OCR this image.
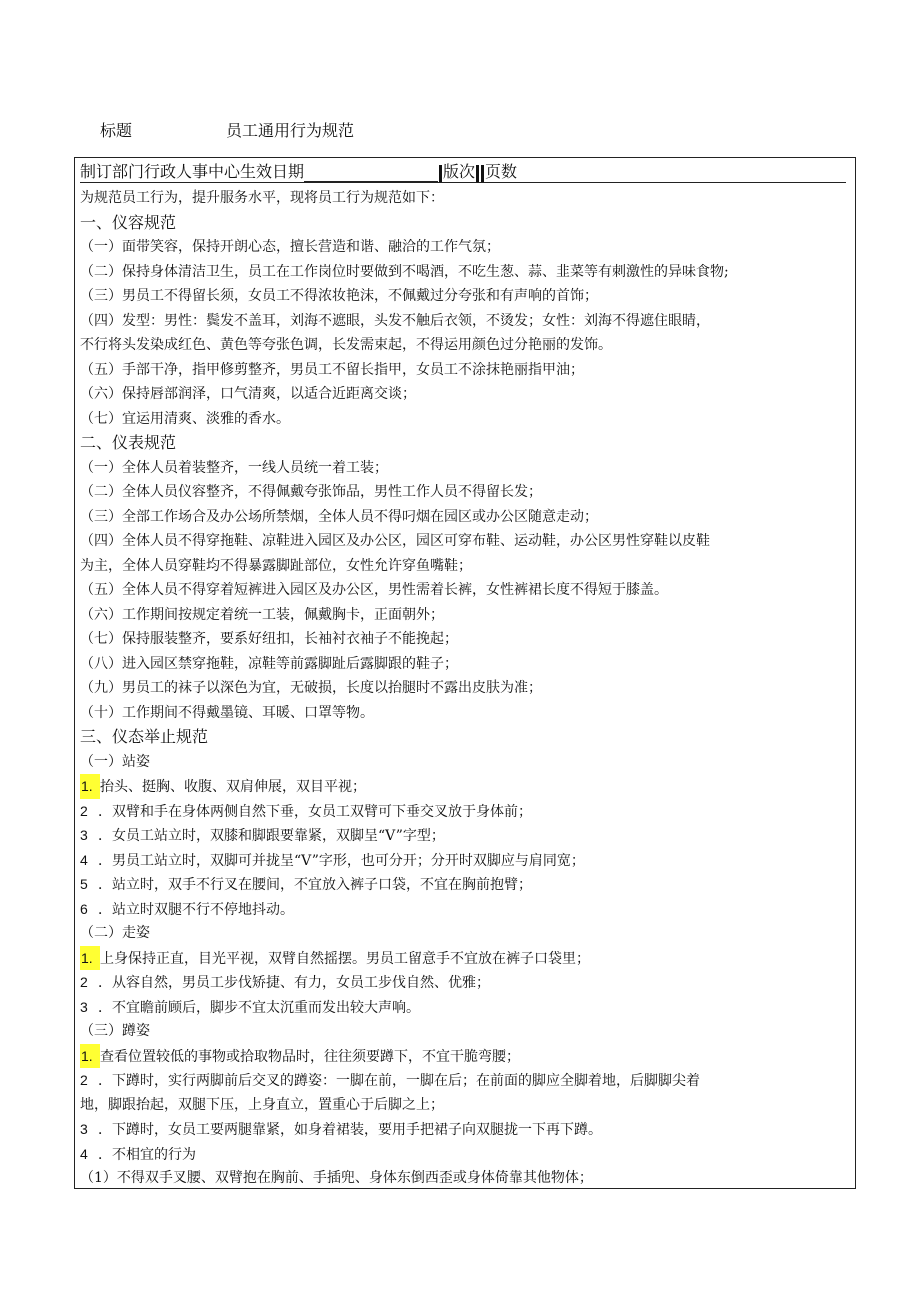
标题	员工通用行为规范
制订部门行政人事中心生效日期	版次 页数
为规范员工行为，提升服务水平，现将员工行为规范如下：
一、仪容规范
（一）面带笑容，保持开朗心态，擅长营造和谐、融洽的工作气氛；
（二）保持身体清洁卫生，员工在工作岗位时要做到不喝酒，不吃生葱、蒜、韭菜等有刺激性的异味食物;
（三）男员工不得留长须，女员工不得浓妆艳沫，不佩戴过分夸张和有声响的首饰；
（四）发型：男性：鬓发不盖耳，刘海不遮眼，头发不触后衣领，不烫发；女性：刘海不得遮住眼睛，
不行将头发染成红色、黄色等夸张色调，长发需束起，不得运用颜色过分艳丽的发饰。
（五）手部干净，指甲修剪整齐，男员工不留长指甲，女员工不涂抹艳丽指甲油；
（六）保持唇部润泽，口气清爽，以适合近距离交谈；
（七）宜运用清爽、淡雅的香水。
二、仪表规范
（一）全体人员着装整齐，一线人员统一着工装；
（二）全体人员仪容整齐，不得佩戴夸张饰品，男性工作人员不得留长发；
（三）全部工作场合及办公场所禁烟，全体人员不得叼烟在园区或办公区随意走动；
（四）全体人员不得穿拖鞋、凉鞋进入园区及办公区，园区可穿布鞋、运动鞋，办公区男性穿鞋以皮鞋
为主，全体人员穿鞋均不得暴露脚趾部位，女性允许穿鱼嘴鞋；
（五）全体人员不得穿着短裤进入园区及办公区，男性需着长裤，女性裤裙长度不得短于膝盖。
（六）工作期间按规定着统一工装，佩戴胸卡，正面朝外；
（七）保持服装整齐，要系好纽扣，长袖衬衣袖子不能挽起；
（八）进入园区禁穿拖鞋，凉鞋等前露脚趾后露脚跟的鞋子；
（九）男员工的袜子以深色为宜，无破损，长度以抬腿时不露出皮肤为准；
（十）工作期间不得戴墨镜、耳暖、口罩等物。
三、仪态举止规范
（一）站姿
1. 抬头、挺胸、收腹、双肩伸展，双目平视；
2 ．双臂和手在身体两侧自然下垂，女员工双臂可下垂交叉放于身体前；
3 ．女员工站立时，双膝和脚跟要靠紧，双脚呈“V”字型；
4 ．男员工站立时，双脚可并拢呈“V”字形，也可分开；分开时双脚应与肩同宽；
5 ．站立时，双手不行叉在腰间，不宜放入裤子口袋，不宜在胸前抱臂；
6 ．站立时双腿不行不停地抖动。
（二）走姿
1. 上身保持正直，目光平视，双臂自然摇摆。男员工留意手不宜放在裤子口袋里；
2 ．从容自然，男员工步伐矫捷、有力，女员工步伐自然、优雅；
3 ．不宜瞻前顾后，脚步不宜太沉重而发出较大声响。
（三）蹲姿
1. 查看位置较低的事物或拾取物品时，往往须要蹲下，不宜干脆弯腰；
2 ．下蹲时，实行两脚前后交叉的蹲姿：一脚在前，一脚在后；在前面的脚应全脚着地，后脚脚尖着
地，脚跟抬起，双腿下压，上身直立，置重心于后脚之上；
3 ．下蹲时，女员工要两腿靠紧，如身着裙装，要用手把裙子向双腿拢一下再下蹲。
4 ．不相宜的行为
（1）不得双手叉腰、双臂抱在胸前、手插兜、身体东倒西歪或身体倚靠其他物体；
